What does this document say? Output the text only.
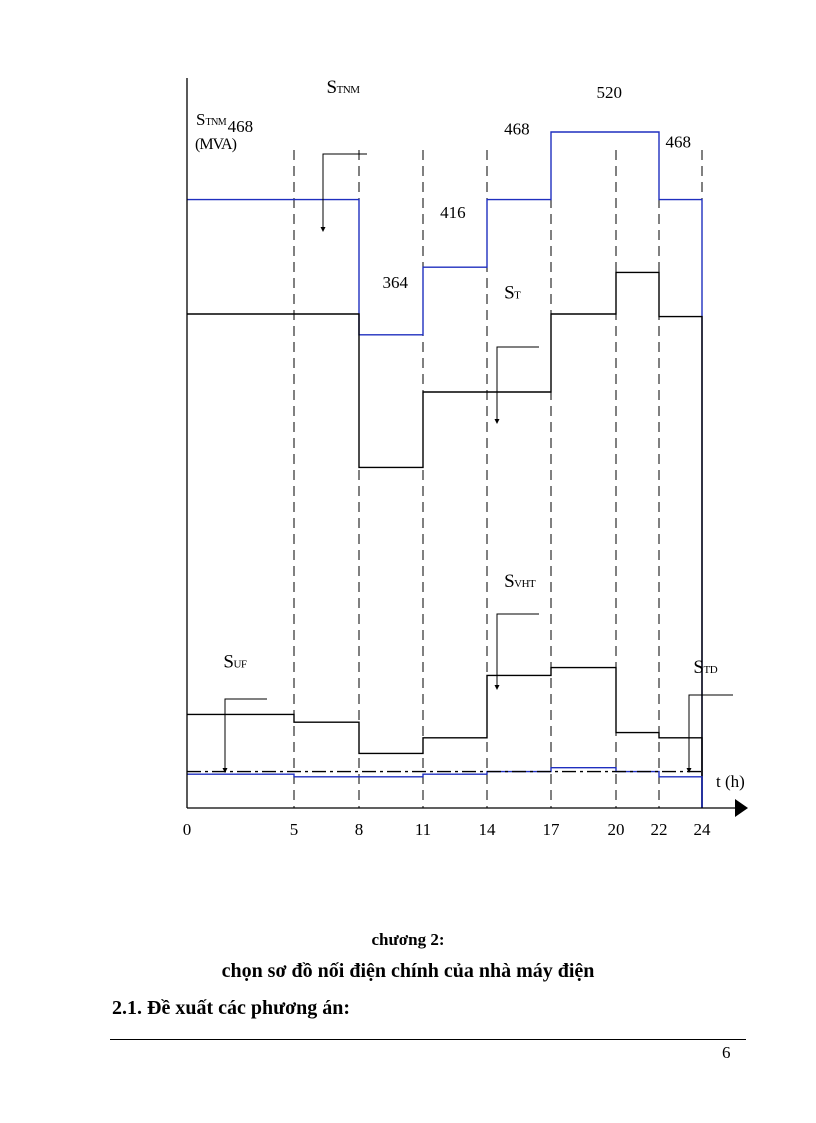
STNM
(MVA)
t (h)
0	5	8	11	14	17	20 22 24
468
364
416
468
520
468
STNM
ST
SVHT
SUF	STD
chương 2:
chọn sơ đồ nối điện chính của nhà máy điện
2.1. Đề xuất các phương án:
6
